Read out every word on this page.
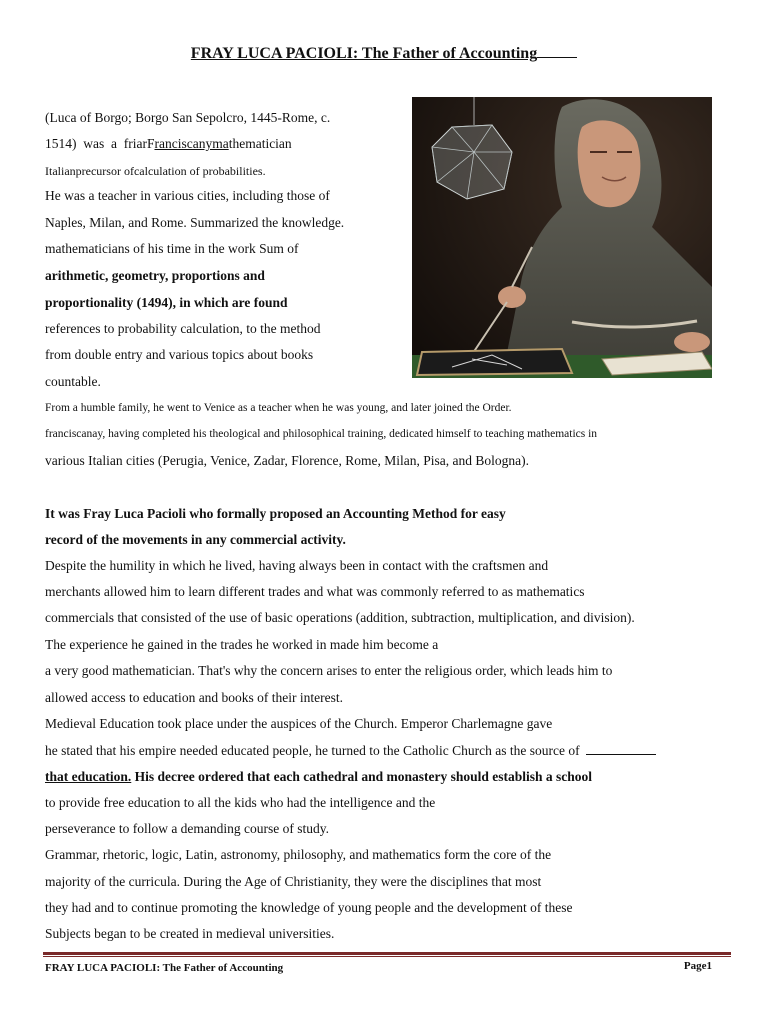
FRAY LUCA PACIOLI: The Father of Accounting
(Luca of Borgo; Borgo San Sepolcro, 1445-Rome, c.
1514)  was  a  friarFranciscanymathematician
Italianprecursor ofcalculation of probabilities.
He was a teacher in various cities, including those of
Naples, Milan, and Rome. Summarized the knowledge.
mathematicians of his time in the work Sum of
arithmetic, geometry, proportions and
proportionality (1494), in which are found
references to probability calculation, to the method
from double entry and various topics about books
countable.
From a humble family, he went to Venice as a teacher when he was young, and later joined the Order.
franciscanay, having completed his theological and philosophical training, dedicated himself to teaching mathematics in
various Italian cities (Perugia, Venice, Zadar, Florence, Rome, Milan, Pisa, and Bologna).
It was Fray Luca Pacioli who formally proposed an Accounting Method for easy
record of the movements in any commercial activity.
Despite the humility in which he lived, having always been in contact with the craftsmen and
merchants allowed him to learn different trades and what was commonly referred to as mathematics
commercials that consisted of the use of basic operations (addition, subtraction, multiplication, and division).
The experience he gained in the trades he worked in made him become a
a very good mathematician. That's why the concern arises to enter the religious order, which leads him to
allowed access to education and books of their interest.
Medieval Education took place under the auspices of the Church. Emperor Charlemagne gave
he stated that his empire needed educated people, he turned to the Catholic Church as the source of
that education. His decree ordered that each cathedral and monastery should establish a school
to provide free education to all the kids who had the intelligence and the
perseverance to follow a demanding course of study.
Grammar, rhetoric, logic, Latin, astronomy, philosophy, and mathematics form the core of the
majority of the curricula. During the Age of Christianity, they were the disciplines that most
they had and to continue promoting the knowledge of young people and the development of these
Subjects began to be created in medieval universities.
FRAY LUCA PACIOLI: The Father of Accounting	Page1
